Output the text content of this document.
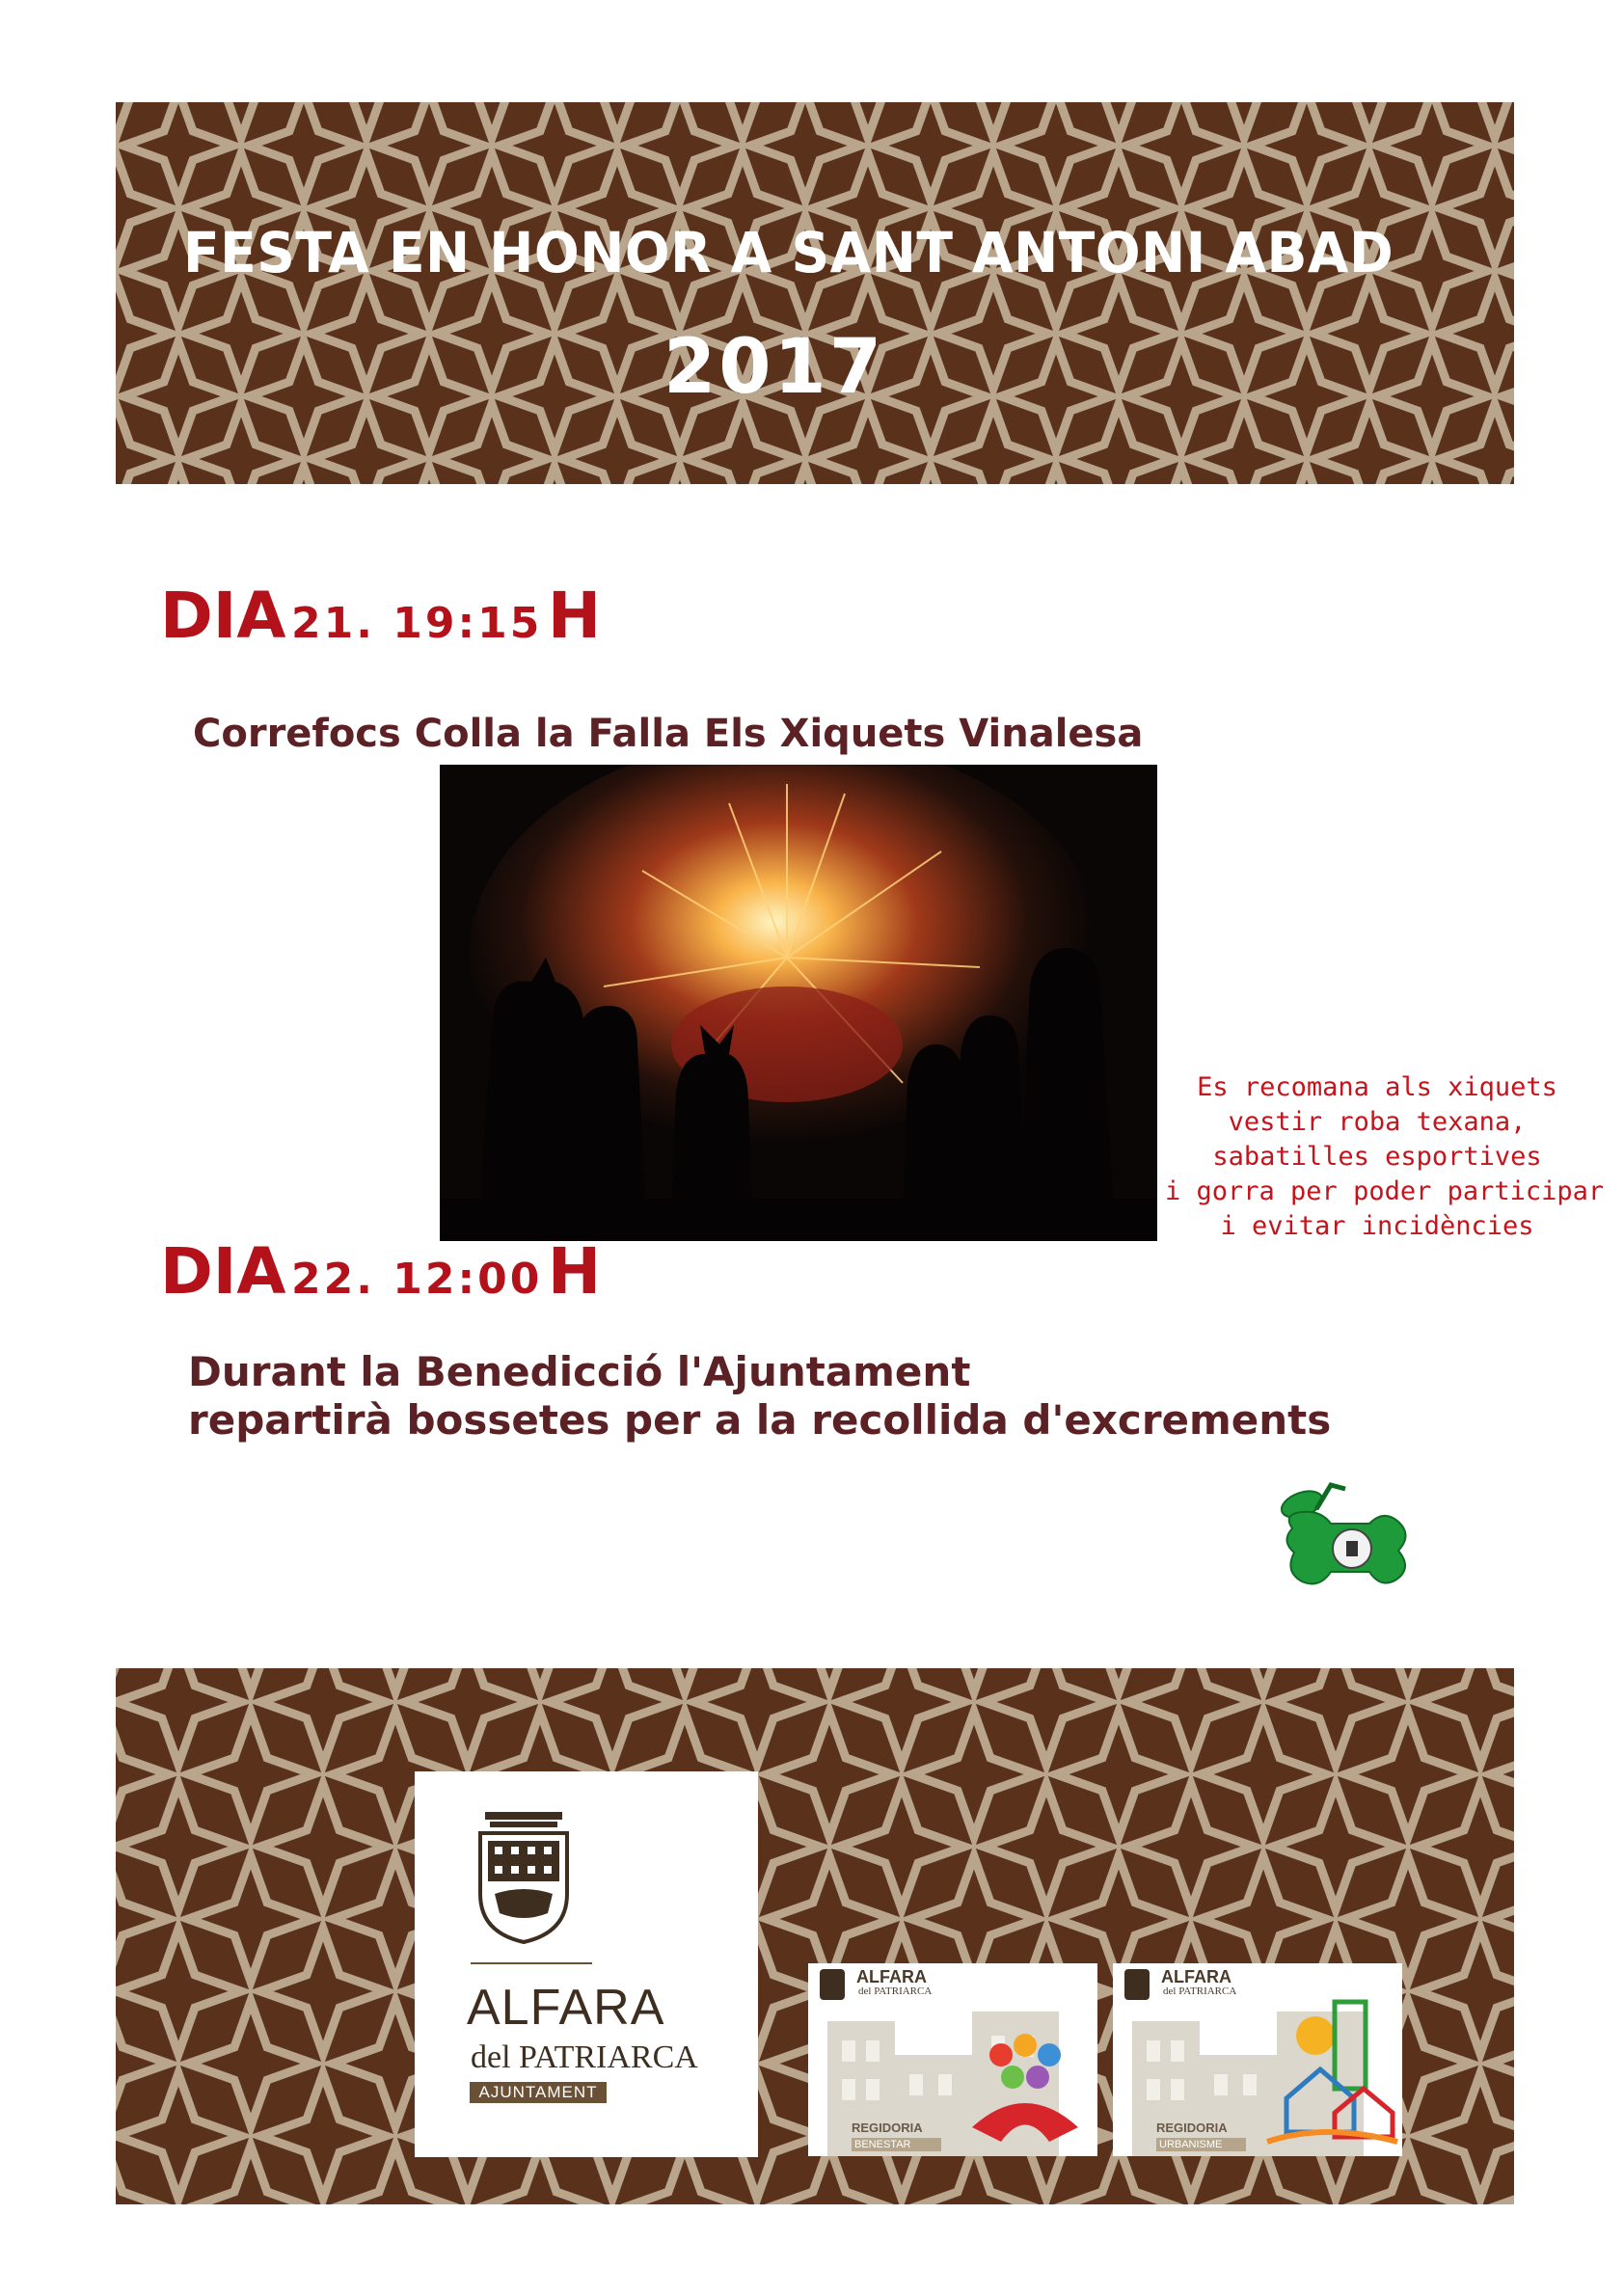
FESTA EN HONOR A SANT ANTONI ABAD
2017
DIA 21. 19:15 H
Correfocs Colla la Falla Els Xiquets Vinalesa
Es recomana als xiquets
vestir roba texana,
sabatilles esportives
i gorra per poder participar
i evitar incidències
DIA 22. 12:00 H
Durant la Benedicció l'Ajuntament
repartirà bossetes per a la recollida d'excrements
ALFARA
del PATRIARCA
AJUNTAMENT
ALFARA
del PATRIARCA
REGIDORIA
BENESTAR
ALFARA
del PATRIARCA
REGIDORIA
URBANISME
